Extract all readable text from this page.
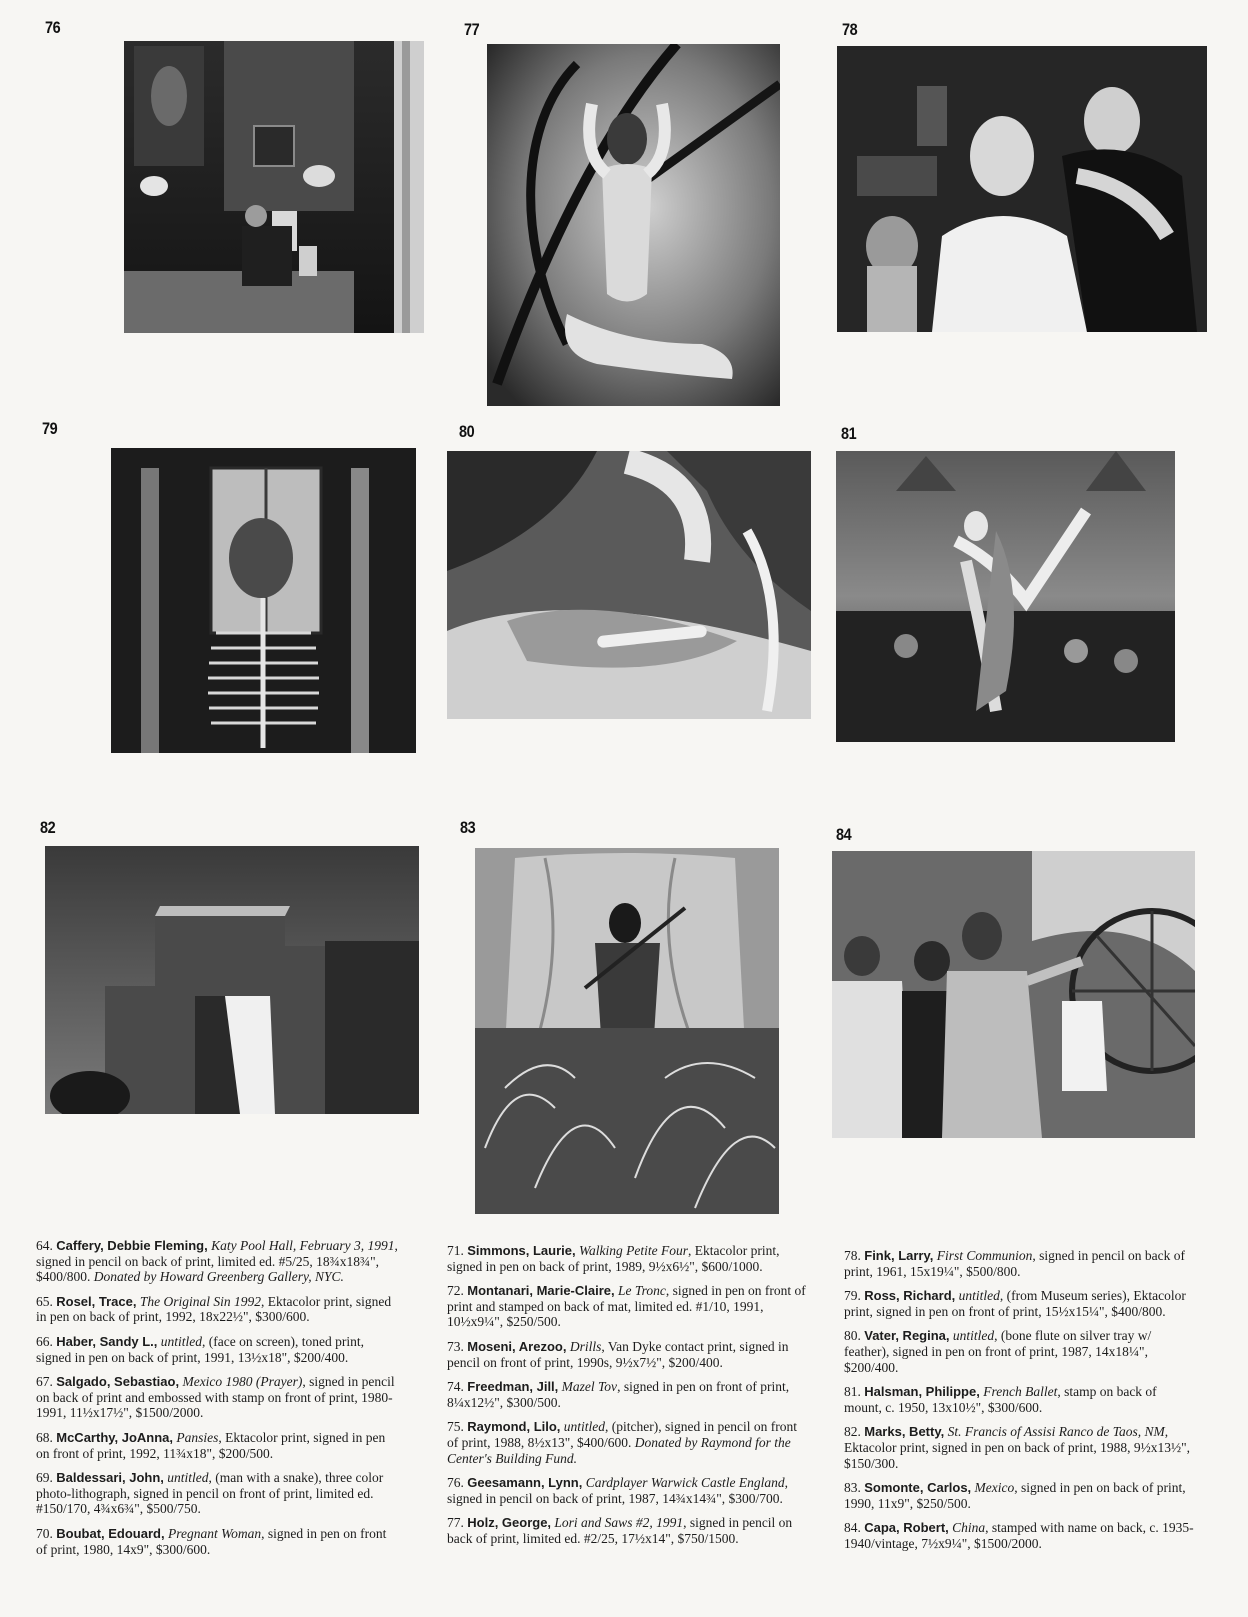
76	77	78
79	80	81
82	83	84

64. Caffery, Debbie Fleming, Katy Pool Hall, February 3, 1991, signed in pencil on back of print, limited ed. #5/25, 18¾x18¾", $400/800. Donated by Howard Greenberg Gallery, NYC.

65. Rosel, Trace, The Original Sin 1992, Ektacolor print, signed in pen on back of print, 1992, 18x22½", $300/600.

66. Haber, Sandy L., untitled, (face on screen), toned print, signed in pen on back of print, 1991, 13½x18", $200/400.

67. Salgado, Sebastiao, Mexico 1980 (Prayer), signed in pencil on back of print and embossed with stamp on front of print, 1980-1991, 11½x17½", $1500/2000.

68. McCarthy, JoAnna, Pansies, Ektacolor print, signed in pen on front of print, 1992, 11¾x18", $200/500.

69. Baldessari, John, untitled, (man with a snake), three color photo-lithograph, signed in pencil on front of print, limited ed. #150/170, 4¾x6¾", $500/750.

70. Boubat, Edouard, Pregnant Woman, signed in pen on front of print, 1980, 14x9", $300/600.

71. Simmons, Laurie, Walking Petite Four, Ektacolor print, signed in pen on back of print, 1989, 9½x6½", $600/1000.

72. Montanari, Marie-Claire, Le Tronc, signed in pen on front of print and stamped on back of mat, limited ed. #1/10, 1991, 10½x9¼", $250/500.

73. Moseni, Arezoo, Drills, Van Dyke contact print, signed in pencil on front of print, 1990s, 9½x7½", $200/400.

74. Freedman, Jill, Mazel Tov, signed in pen on front of print, 8¼x12½", $300/500.

75. Raymond, Lilo, untitled, (pitcher), signed in pencil on front of print, 1988, 8½x13", $400/600. Donated by Raymond for the Center's Building Fund.

76. Geesamann, Lynn, Cardplayer Warwick Castle England, signed in pencil on back of print, 1987, 14¾x14¾", $300/700.

77. Holz, George, Lori and Saws #2, 1991, signed in pencil on back of print, limited ed. #2/25, 17½x14", $750/1500.

78. Fink, Larry, First Communion, signed in pencil on back of print, 1961, 15x19¼", $500/800.

79. Ross, Richard, untitled, (from Museum series), Ektacolor print, signed in pen on front of print, 15½x15¼", $400/800.

80. Vater, Regina, untitled, (bone flute on silver tray w/ feather), signed in pen on front of print, 1987, 14x18¼", $200/400.

81. Halsman, Philippe, French Ballet, stamp on back of mount, c. 1950, 13x10½", $300/600.

82. Marks, Betty, St. Francis of Assisi Ranco de Taos, NM, Ektacolor print, signed in pen on back of print, 1988, 9½x13½", $150/300.

83. Somonte, Carlos, Mexico, signed in pen on back of print, 1990, 11x9", $250/500.

84. Capa, Robert, China, stamped with name on back, c. 1935-1940/vintage, 7½x9¼", $1500/2000.
